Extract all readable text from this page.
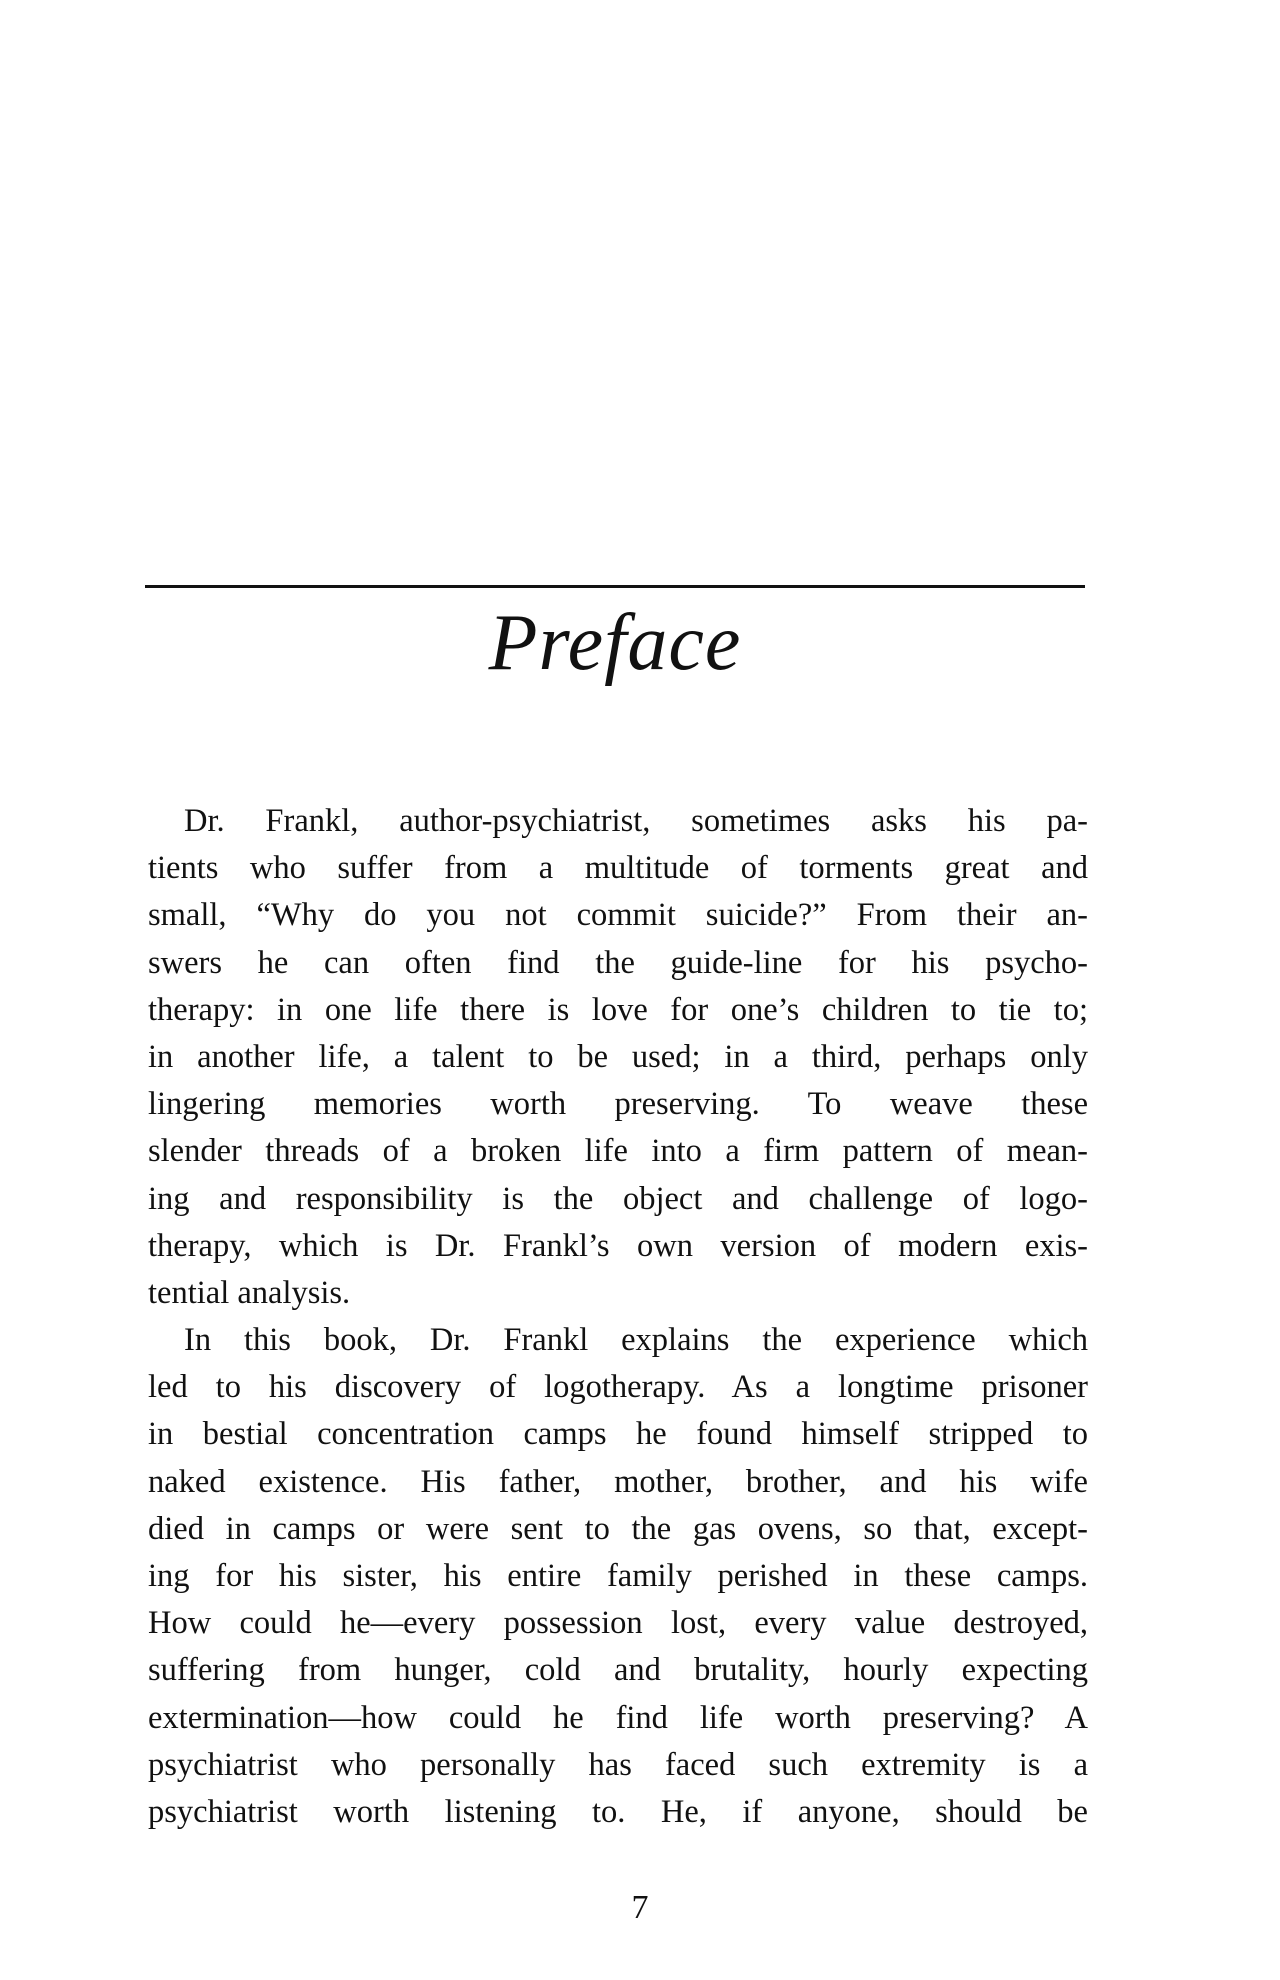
Preface
Dr. Frankl, author-psychiatrist, sometimes asks his pa-
tients who suffer from a multitude of torments great and
small, “Why do you not commit suicide?” From their an-
swers he can often find the guide-line for his psycho-
therapy: in one life there is love for one’s children to tie to;
in another life, a talent to be used; in a third, perhaps only
lingering memories worth preserving. To weave these
slender threads of a broken life into a firm pattern of mean-
ing and responsibility is the object and challenge of logo-
therapy, which is Dr. Frankl’s own version of modern exis-
tential analysis.
In this book, Dr. Frankl explains the experience which
led to his discovery of logotherapy. As a longtime prisoner
in bestial concentration camps he found himself stripped to
naked existence. His father, mother, brother, and his wife
died in camps or were sent to the gas ovens, so that, except-
ing for his sister, his entire family perished in these camps.
How could he—every possession lost, every value destroyed,
suffering from hunger, cold and brutality, hourly expecting
extermination—how could he find life worth preserving? A
psychiatrist who personally has faced such extremity is a
psychiatrist worth listening to. He, if anyone, should be
7
